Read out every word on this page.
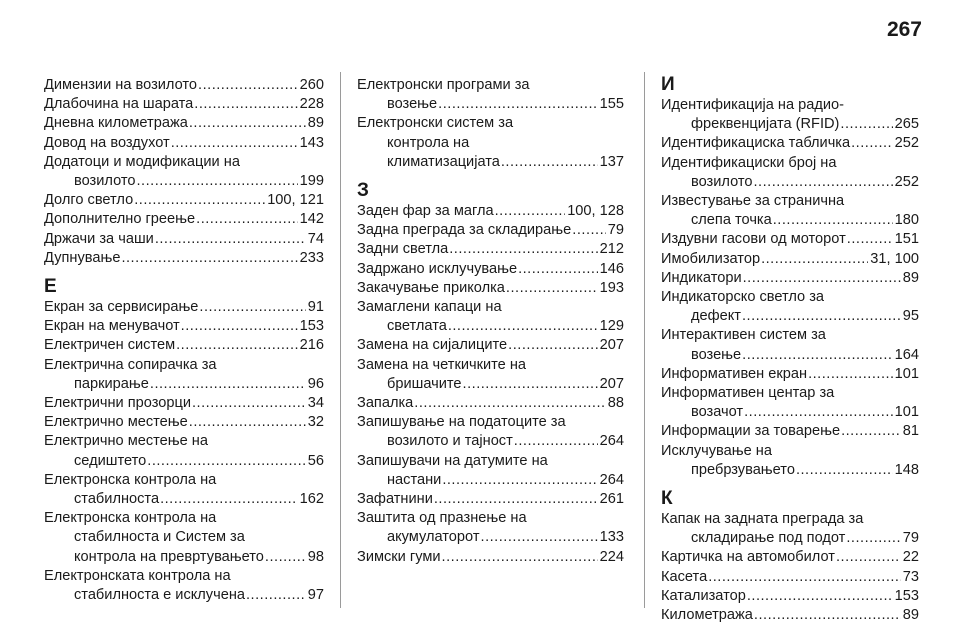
267
Димензии на возилото .....	260
Длабочина на шарата .....	228
Дневна километража .....	89
Довод на воздухот .....	143
Додатоци и модификации на
возилото .....	199
Долго светло .....	100, 121
Дополнително греење .....	142
Држачи за чаши .....	74
Дупнување .....	233
Е
Екран за сервисирање .....	91
Екран на менувачот .....	153
Електричен систем .....	216
Електрична сопирачка за
паркирање .....	96
Електрични прозорци .....	34
Електрично местење .....	32
Електрично местење на
седиштето .....	56
Електронска контрола на
стабилноста .....	162
Електронска контрола на
стабилноста и Систем за
контрола на превртувањето .....	98
Електронската контрола на
стабилноста е исклучена .....	97
Електронски програми за
возење .....	155
Електронски систем за
контрола на
климатизацијата .....	137
З
Заден фар за магла .....	100, 128
Задна преграда за складирање ..... 79
Задни светла .....	212
Задржано исклучување .....	146
Закачување приколка .....	193
Замаглени капаци на
светлата .....	129
Замена на сијалиците .....	207
Замена на четкичките на
бришачите .....	207
Запалка .....	88
Запишување на податоците за
возилото и тајност .....	264
Запишувачи на датумите на
настани .....	264
Зафатнини .....	261
Заштита од празнење на
акумулаторот .....	133
Зимски гуми .....	224
И
Идентификација на радио-
фреквенцијата (RFID) .....	265
Идентификациска табличка .....	252
Идентификациски број на
возилото .....	252
Известување за странична
слепа точка .....	180
Издувни гасови од моторот .....	151
Имобилизатор .....	31, 100
Индикатори .....	89
Индикаторско светло за
дефект .....	95
Интерактивен систем за
возење .....	164
Информативен екран .....	101
Информативен центар за
возачот .....	101
Информации за товарење .....	81
Исклучување на
пребрзувањето .....	148
К
Капак на задната преграда за
складирање под подот .....	79
Картичка на автомобилот .....	22
Касета .....	73
Катализатор .....	153
Километража .....	89
